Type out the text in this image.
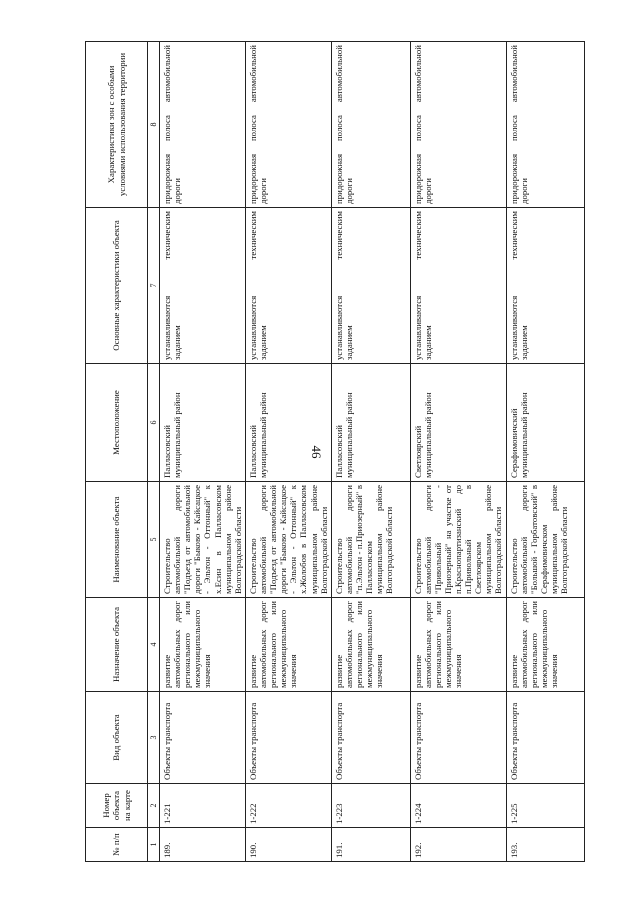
46
№ п/п	Номер объекта на карте	Вид объекта	Назначение объекта	Наименование объекта	Местоположение	Основные характеристики объекта	Характеристики зон с особыми условиями использования территории
1	2	3	4	5	6	7	8
189.	1-221	Объекты транспорта	развитие автомобильных дорог регионального или межмуниципального значения	Строительство автомобильной дороги "Подъезд от автомобильной дороги "Быково - Кайсацкое - Эльтон - Оттонный" к х.Есин в Палласовском муниципальном районе Волгоградской области	Палласовский муниципальный район	устанавливаются техническим заданием	придорожная полоса автомобильной дороги
190.	1-222	Объекты транспорта	развитие автомобильных дорог регионального или межмуниципального значения	Строительство автомобильной дороги "Подъезд от автомобильной дороги "Быково - Кайсацкое - Эльтон - Оттонный" к х.Жолобов в Палласовском муниципальном районе Волгоградской области	Палласовский муниципальный район	устанавливаются техническим заданием	придорожная полоса автомобильной дороги
191.	1-223	Объекты транспорта	развитие автомобильных дорог регионального или межмуниципального значения	Строительство автомобильной дороги "п.Эльтон - п.Приозерный" в Палласовском муниципальном районе Волгоградской области	Палласовский муниципальный район	устанавливаются техническим заданием	придорожная полоса автомобильной дороги
192.	1-224	Объекты транспорта	развитие автомобильных дорог регионального или межмуниципального значения	Строительство автомобильной дороги "Привольный - Приозерный" на участке от п.Краснопартизанский до п.Привольный в Светлоярском муниципальном районе Волгоградской области	Светлоярский муниципальный район	устанавливаются техническим заданием	придорожная полоса автомобильной дороги
193.	1-225	Объекты транспорта	развитие автомобильных дорог регионального или межмуниципального значения	Строительство автомобильной дороги "Большой - Горбатовский" в Серафимовичском муниципальном районе Волгоградской области	Серафимовичский муниципальный район	устанавливаются техническим заданием	придорожная полоса автомобильной дороги
